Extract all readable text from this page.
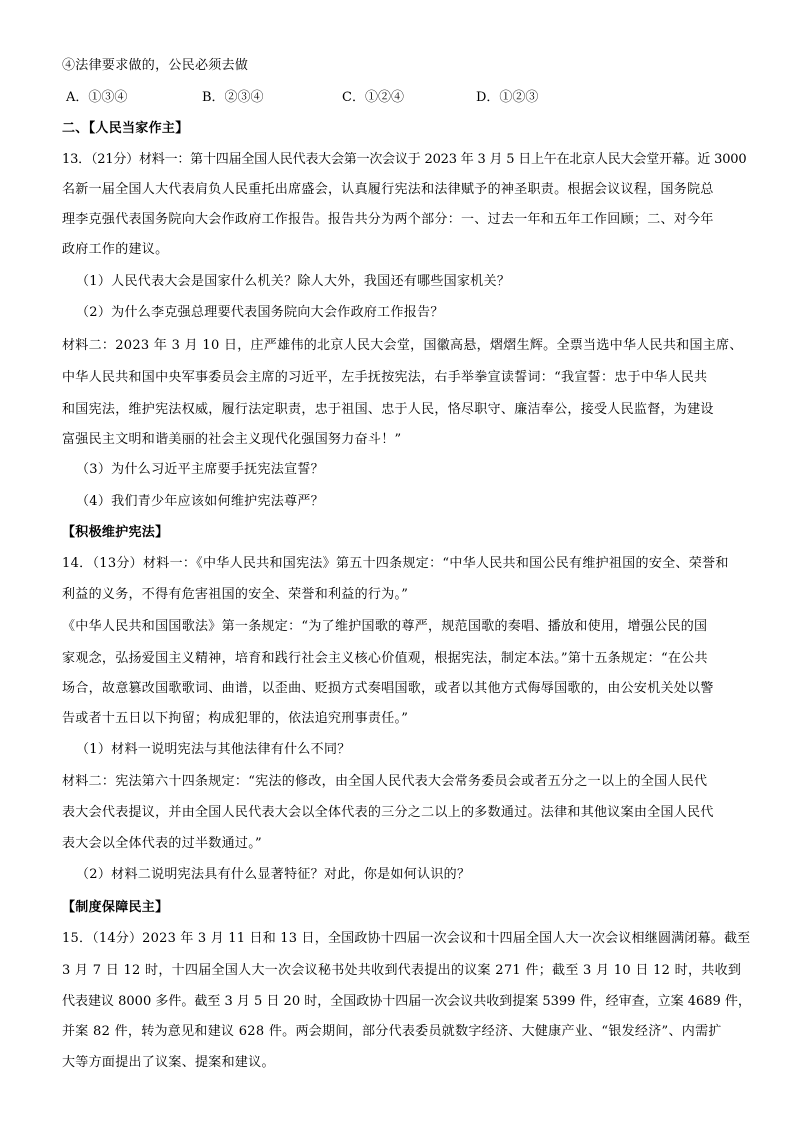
④法律要求做的，公民必须去做
A．①③④	B．②③④	C．①②④	D．①②③
二、【人民当家作主】
13．（21分）材料一：第十四届全国人民代表大会第一次会议于 2023 年 3 月 5 日上午在北京人民大会堂开幕。近 3000
名新一届全国人大代表肩负人民重托出席盛会，认真履行宪法和法律赋予的神圣职责。根据会议议程，国务院总
理李克强代表国务院向大会作政府工作报告。报告共分为两个部分：一、过去一年和五年工作回顾；二、对今年
政府工作的建议。
（1）人民代表大会是国家什么机关？除人大外，我国还有哪些国家机关？
（2）为什么李克强总理要代表国务院向大会作政府工作报告？
材料二：2023 年 3 月 10 日，庄严雄伟的北京人民大会堂，国徽高悬，熠熠生辉。全票当选中华人民共和国主席、
中华人民共和国中央军事委员会主席的习近平，左手抚按宪法，右手举拳宣读誓词：“我宣誓：忠于中华人民共
和国宪法，维护宪法权威，履行法定职责，忠于祖国、忠于人民，恪尽职守、廉洁奉公，接受人民监督，为建设
富强民主文明和谐美丽的社会主义现代化强国努力奋斗！”
（3）为什么习近平主席要手抚宪法宣誓？
（4）我们青少年应该如何维护宪法尊严？
【积极维护宪法】
14．（13分）材料一：《中华人民共和国宪法》第五十四条规定：“中华人民共和国公民有维护祖国的安全、荣誉和
利益的义务，不得有危害祖国的安全、荣誉和利益的行为。”
《中华人民共和国国歌法》第一条规定：“为了维护国歌的尊严，规范国歌的奏唱、播放和使用，增强公民的国
家观念，弘扬爱国主义精神，培育和践行社会主义核心价值观，根据宪法，制定本法。”第十五条规定：“在公共
场合，故意篡改国歌歌词、曲谱，以歪曲、贬损方式奏唱国歌，或者以其他方式侮辱国歌的，由公安机关处以警
告或者十五日以下拘留；构成犯罪的，依法追究刑事责任。”
（1）材料一说明宪法与其他法律有什么不同？
材料二：宪法第六十四条规定：“宪法的修改，由全国人民代表大会常务委员会或者五分之一以上的全国人民代
表大会代表提议，并由全国人民代表大会以全体代表的三分之二以上的多数通过。法律和其他议案由全国人民代
表大会以全体代表的过半数通过。”
（2）材料二说明宪法具有什么显著特征？对此，你是如何认识的？
【制度保障民主】
15．（14分）2023 年 3 月 11 日和 13 日，全国政协十四届一次会议和十四届全国人大一次会议相继圆满闭幕。截至
3 月 7 日 12 时，十四届全国人大一次会议秘书处共收到代表提出的议案 271 件；截至 3 月 10 日 12 时，共收到
代表建议 8000 多件。截至 3 月 5 日 20 时，全国政协十四届一次会议共收到提案 5399 件，经审查，立案 4689 件，
并案 82 件，转为意见和建议 628 件。两会期间，部分代表委员就数字经济、大健康产业、“银发经济”、内需扩
大等方面提出了议案、提案和建议。
